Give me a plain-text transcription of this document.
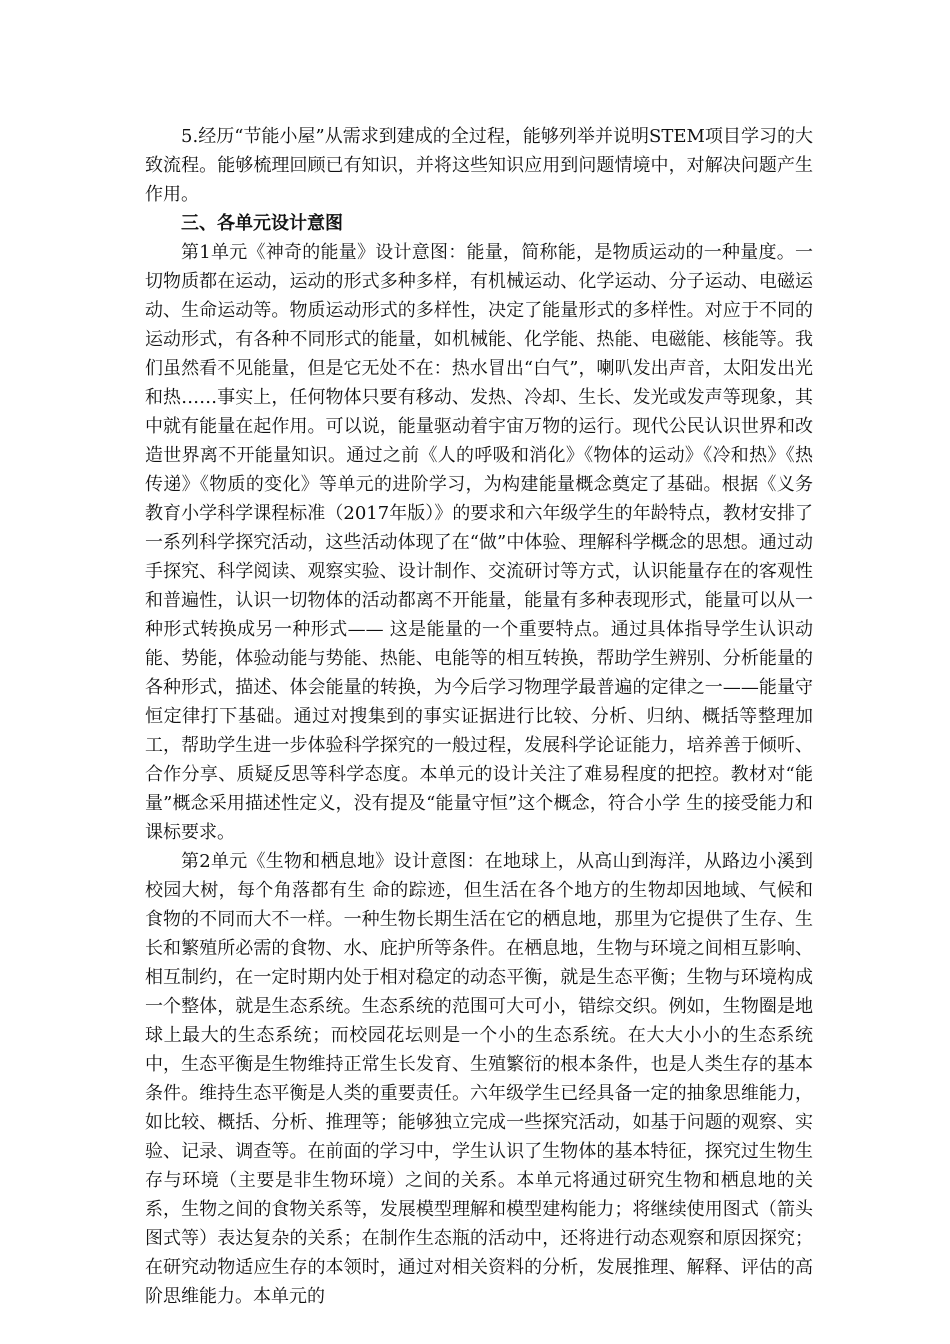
5.经历“节能小屋”从需求到建成的全过程，能够列举并说明STEM项目学习的大致流程。能够梳理回顾已有知识，并将这些知识应用到问题情境中，对解决问题产生作用。

三、各单元设计意图

第1单元《神奇的能量》设计意图：能量，简称能，是物质运动的一种量度。一切物质都在运动，运动的形式多种多样，有机械运动、化学运动、分子运动、电磁运动、生命运动等。物质运动形式的多样性，决定了能量形式的多样性。对应于不同的运动形式，有各种不同形式的能量，如机械能、化学能、热能、电磁能、核能等。我们虽然看不见能量，但是它无处不在：热水冒出“白气”，喇叭发出声音，太阳发出光和热……事实上，任何物体只要有移动、发热、冷却、生长、发光或发声等现象，其中就有能量在起作用。可以说，能量驱动着宇宙万物的运行。现代公民认识世界和改造世界离不开能量知识。通过之前《人的呼吸和消化》《物体的运动》《冷和热》《热传递》《物质的变化》等单元的进阶学习，为构建能量概念奠定了基础。根据《义务教育小学科学课程标准（2017年版）》的要求和六年级学生的年龄特点，教材安排了一系列科学探究活动，这些活动体现了在“做”中体验、理解科学概念的思想。通过动手探究、科学阅读、观察实验、设计制作、交流研讨等方式，认识能量存在的客观性和普遍性，认识一切物体的活动都离不开能量，能量有多种表现形式，能量可以从一种形式转换成另一种形式—— 这是能量的一个重要特点。通过具体指导学生认识动能、势能，体验动能与势能、热能、电能等的相互转换，帮助学生辨别、分析能量的各种形式，描述、体会能量的转换，为今后学习物理学最普遍的定律之一——能量守恒定律打下基础。通过对搜集到的事实证据进行比较、分析、归纳、概括等整理加工，帮助学生进一步体验科学探究的一般过程，发展科学论证能力，培养善于倾听、合作分享、质疑反思等科学态度。本单元的设计关注了难易程度的把控。教材对“能量”概念采用描述性定义，没有提及“能量守恒”这个概念，符合小学 生的接受能力和课标要求。

第2单元《生物和栖息地》设计意图：在地球上，从高山到海洋，从路边小溪到校园大树，每个角落都有生 命的踪迹，但生活在各个地方的生物却因地域、气候和食物的不同而大不一样。一种生物长期生活在它的栖息地，那里为它提供了生存、生长和繁殖所必需的食物、水、庇护所等条件。在栖息地，生物与环境之间相互影响、相互制约，在一定时期内处于相对稳定的动态平衡，就是生态平衡；生物与环境构成一个整体，就是生态系统。生态系统的范围可大可小，错综交织。例如，生物圈是地球上最大的生态系统；而校园花坛则是一个小的生态系统。在大大小小的生态系统中，生态平衡是生物维持正常生长发育、生殖繁衍的根本条件，也是人类生存的基本条件。维持生态平衡是人类的重要责任。六年级学生已经具备一定的抽象思维能力，如比较、概括、分析、推理等；能够独立完成一些探究活动，如基于问题的观察、实验、记录、调查等。在前面的学习中，学生认识了生物体的基本特征，探究过生物生存与环境（主要是非生物环境）之间的关系。本单元将通过研究生物和栖息地的关系，生物之间的食物关系等，发展模型理解和模型建构能力；将继续使用图式（箭头图式等）表达复杂的关系；在制作生态瓶的活动中，还将进行动态观察和原因探究；在研究动物适应生存的本领时，通过对相关资料的分析，发展推理、解释、评估的高阶思维能力。本单元的
